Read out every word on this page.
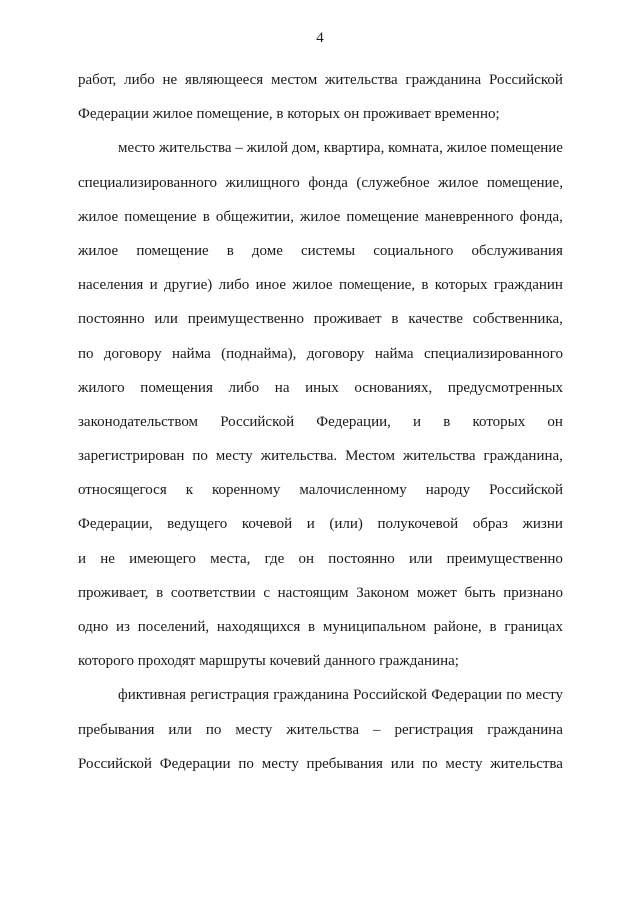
4
работ, либо не являющееся местом жительства гражданина Российской
Федерации жилое помещение, в которых он проживает временно;
место жительства – жилой дом, квартира, комната, жилое помещение
специализированного жилищного фонда (служебное жилое помещение,
жилое помещение в общежитии, жилое помещение маневренного фонда,
жилое помещение в доме системы социального обслуживания
населения и другие) либо иное жилое помещение, в которых гражданин
постоянно или преимущественно проживает в качестве собственника,
по договору найма (поднайма), договору найма специализированного
жилого помещения либо на иных основаниях, предусмотренных
законодательством Российской Федерации, и в которых он
зарегистрирован по месту жительства. Местом жительства гражданина,
относящегося к коренному малочисленному народу Российской
Федерации, ведущего кочевой и (или) полукочевой образ жизни
и не имеющего места, где он постоянно или преимущественно
проживает, в соответствии с настоящим Законом может быть признано
одно из поселений, находящихся в муниципальном районе, в границах
которого проходят маршруты кочевий данного гражданина;
фиктивная регистрация гражданина Российской Федерации по месту
пребывания или по месту жительства – регистрация гражданина
Российской Федерации по месту пребывания или по месту жительства
